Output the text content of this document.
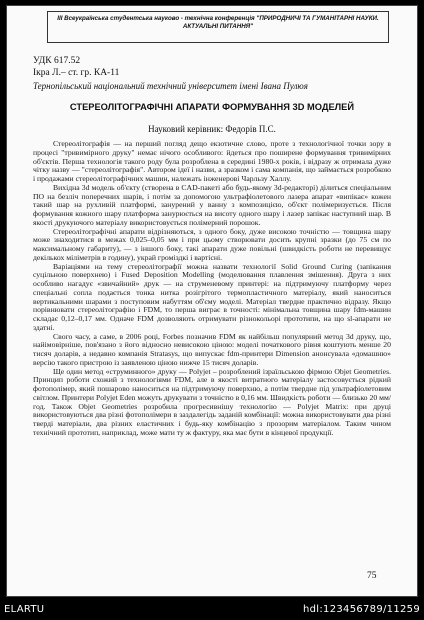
ІІІ Всеукраїнська студентська науково - технічна конференція "ПРИРОДНИЧІ ТА ГУМАНІТАРНІ НАУКИ.
АКТУАЛЬНІ ПИТАННЯ"
УДК 617.52
Ікра Л.– ст. гр. КА-11
Тернопільський національний технічний університет імені Івана Пулюя
СТЕРЕОЛІТОГРАФІЧНІ АПАРАТИ ФОРМУВАННЯ 3D МОДЕЛЕЙ
Науковий керівник: Федорів П.С.

Стереолітографія — на перший погляд дещо екзотичне слово, проте з технологічної точки зору в процесі "тривимірного друку" немає нічого особливого: йдеться про поширене формування тривимірних об'єктів. Перша технологія такого роду була розроблена в середині 1980-х років, і відразу ж отримала дуже чітку назву — "стереолітографія". Автором ідеї і назви, а зразком і сама компанія, що займається розробкою і продажами стереолітографічних машин, належать інженерові Чарльзу Халлу.

Вихідна 3d модель об'єкту (створена в CAD-пакеті або будь-якому 3d-редакторі) ділиться спеціальним ПО на безліч поперечних шарів, і потім за допомогою ультрафіолетового лазера апарат «випікає» кожен такий шар на рухливій платформі, занурений у ванну з композицією, об'єкт полімеризується. Після формування кожного шару платформа занурюється на висоту одного шару і лазер запікає наступний шар. В якості друкуючого матеріалу використовується полімерний порошок.

Стереолітографічні апарати відрізняються, з одного боку, дуже високою точністю — товщина шару може знаходитися в межах 0,025–0,05 мм і при цьому створювати досить крупні зразки (до 75 см по максимальному габариту), — з іншого боку, такі апарати дуже повільні (швидкість роботи не перевищує декількох міліметрів в годину), украй громіздкі і вартісні.

Варіаціями на тему стереолітографії можна назвати технології Solid Ground Curing (запікання суцільною поверхнею) і Fused Deposition Modelling (моделювання плавлення змішення). Друга з них особливо нагадує «звичайний» друк — на струменевому принтері: на підтримуючу платформу через спеціальні сопла подається тонка нитка розігрітого термопластичного матеріалу, який наноситься вертикальними шарами з поступовим набуттям об'єму моделі. Матеріал твердне практично відразу. Якщо порівнювати стереолітографію і FDM, то першa виграє в точності: мінімальна товщина шару fdm-машин складає 0,12–0,17 мм. Одначе FDM дозволяють отримувати різнокольорі прототипи, на що sl-апарати не здатні.

Свого часу, а саме, в 2006 році, Forbes позначив FDM як найбільш популярний метод 3d друку, що, найімовірніше, пов'язано з його відносно невисокою ціною: моделі початкового рівня коштують менше 20 тисяч доларів, а недавно компанія Stratasys, що випускає fdm-принтери Dimension анонсувала «домашню» версію такого пристрою із заявленою ціною нижче 15 тисяч доларів.

Ще один метод «струминного» друку — Polyjet – розроблений ізраїльською фірмою Objet Geometries. Принцип роботи схожий з технологіями FDM, але в якості витратного матеріалу застосовується рідкий фотополімер, який пошарово наноситься на підтримуючу поверхню, а потім твердне під ультрафіолетовим світлом. Принтери Polyjet Eden можуть друкувати з точністю в 0,16 мм. Швидкість роботи — близько 20 мм/год. Також Objet Geometries розробила прогресивнішу технологію — Polyjet Matrix: при друці використовуються два різні фотополімери в заздалегідь заданій комбінації: можна використовувати два різні тверді матеріали, два різних еластичних і будь-яку комбінацію з прозорим матеріалом. Таким чином технічний прототип, наприклад, може мати ту ж фактуру, яка має бути в кінцевої продукції.

75
ELARTU	hdl:123456789/11259
